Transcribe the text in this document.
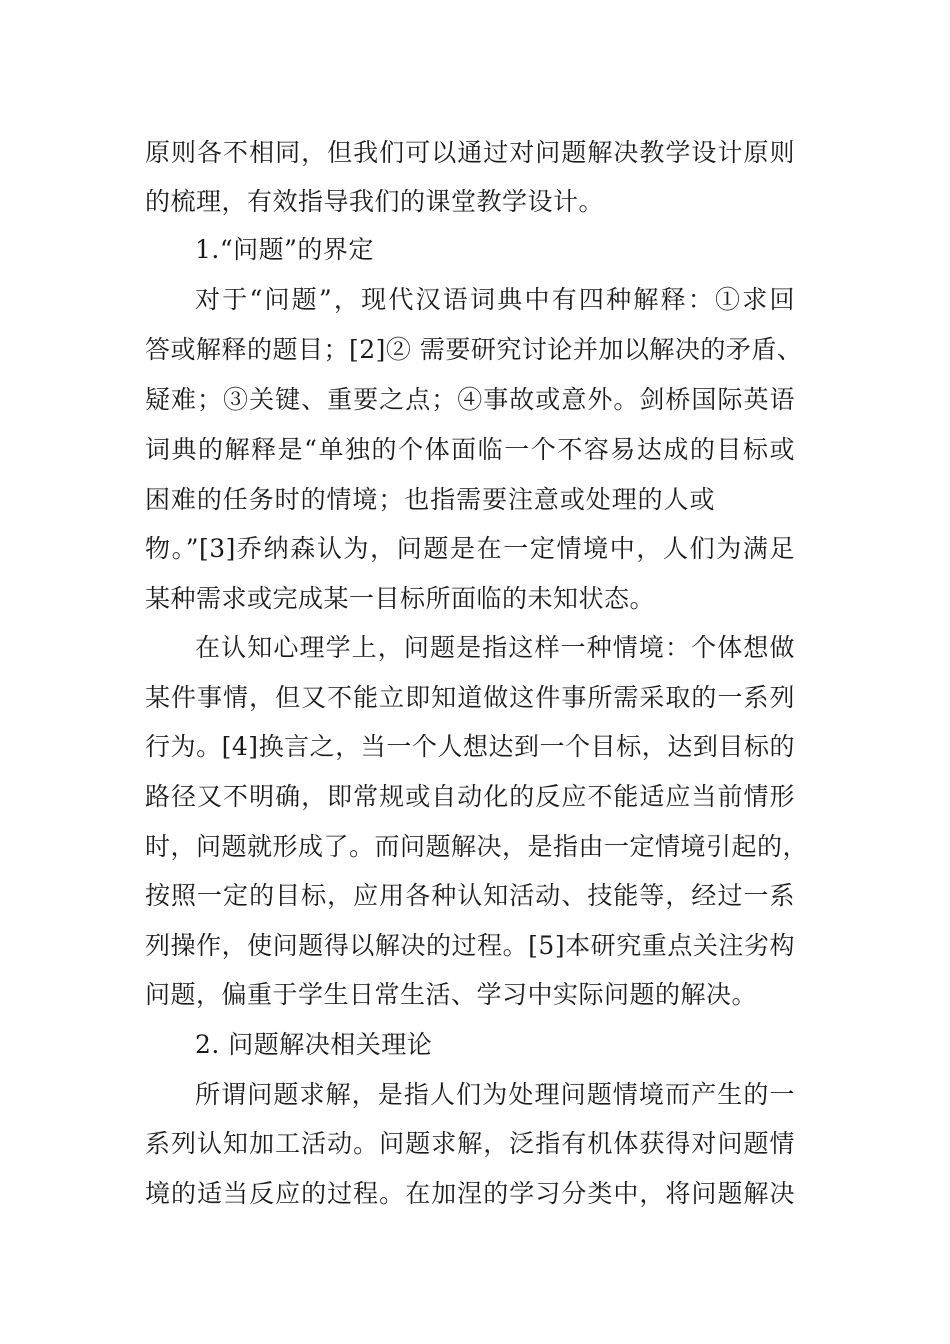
原则各不相同，但我们可以通过对问题解决教学设计原则
的梳理，有效指导我们的课堂教学设计。
1.“问题”的界定
对于“问题”，现代汉语词典中有四种解释：①求回
答或解释的题目；[2]② 需要研究讨论并加以解决的矛盾、
疑难；③关键、重要之点；④事故或意外。剑桥国际英语
词典的解释是“单独的个体面临一个不容易达成的目标或
困难的任务时的情境；也指需要注意或处理的人或
物。”[3]乔纳森认为，问题是在一定情境中，人们为满足
某种需求或完成某一目标所面临的未知状态。
在认知心理学上，问题是指这样一种情境：个体想做
某件事情，但又不能立即知道做这件事所需采取的一系列
行为。[4]换言之，当一个人想达到一个目标，达到目标的
路径又不明确，即常规或自动化的反应不能适应当前情形
时，问题就形成了。而问题解决，是指由一定情境引起的，
按照一定的目标，应用各种认知活动、技能等，经过一系
列操作，使问题得以解决的过程。[5]本研究重点关注劣构
问题，偏重于学生日常生活、学习中实际问题的解决。
2. 问题解决相关理论
所谓问题求解，是指人们为处理问题情境而产生的一
系列认知加工活动。问题求解，泛指有机体获得对问题情
境的适当反应的过程。在加涅的学习分类中，将问题解决
